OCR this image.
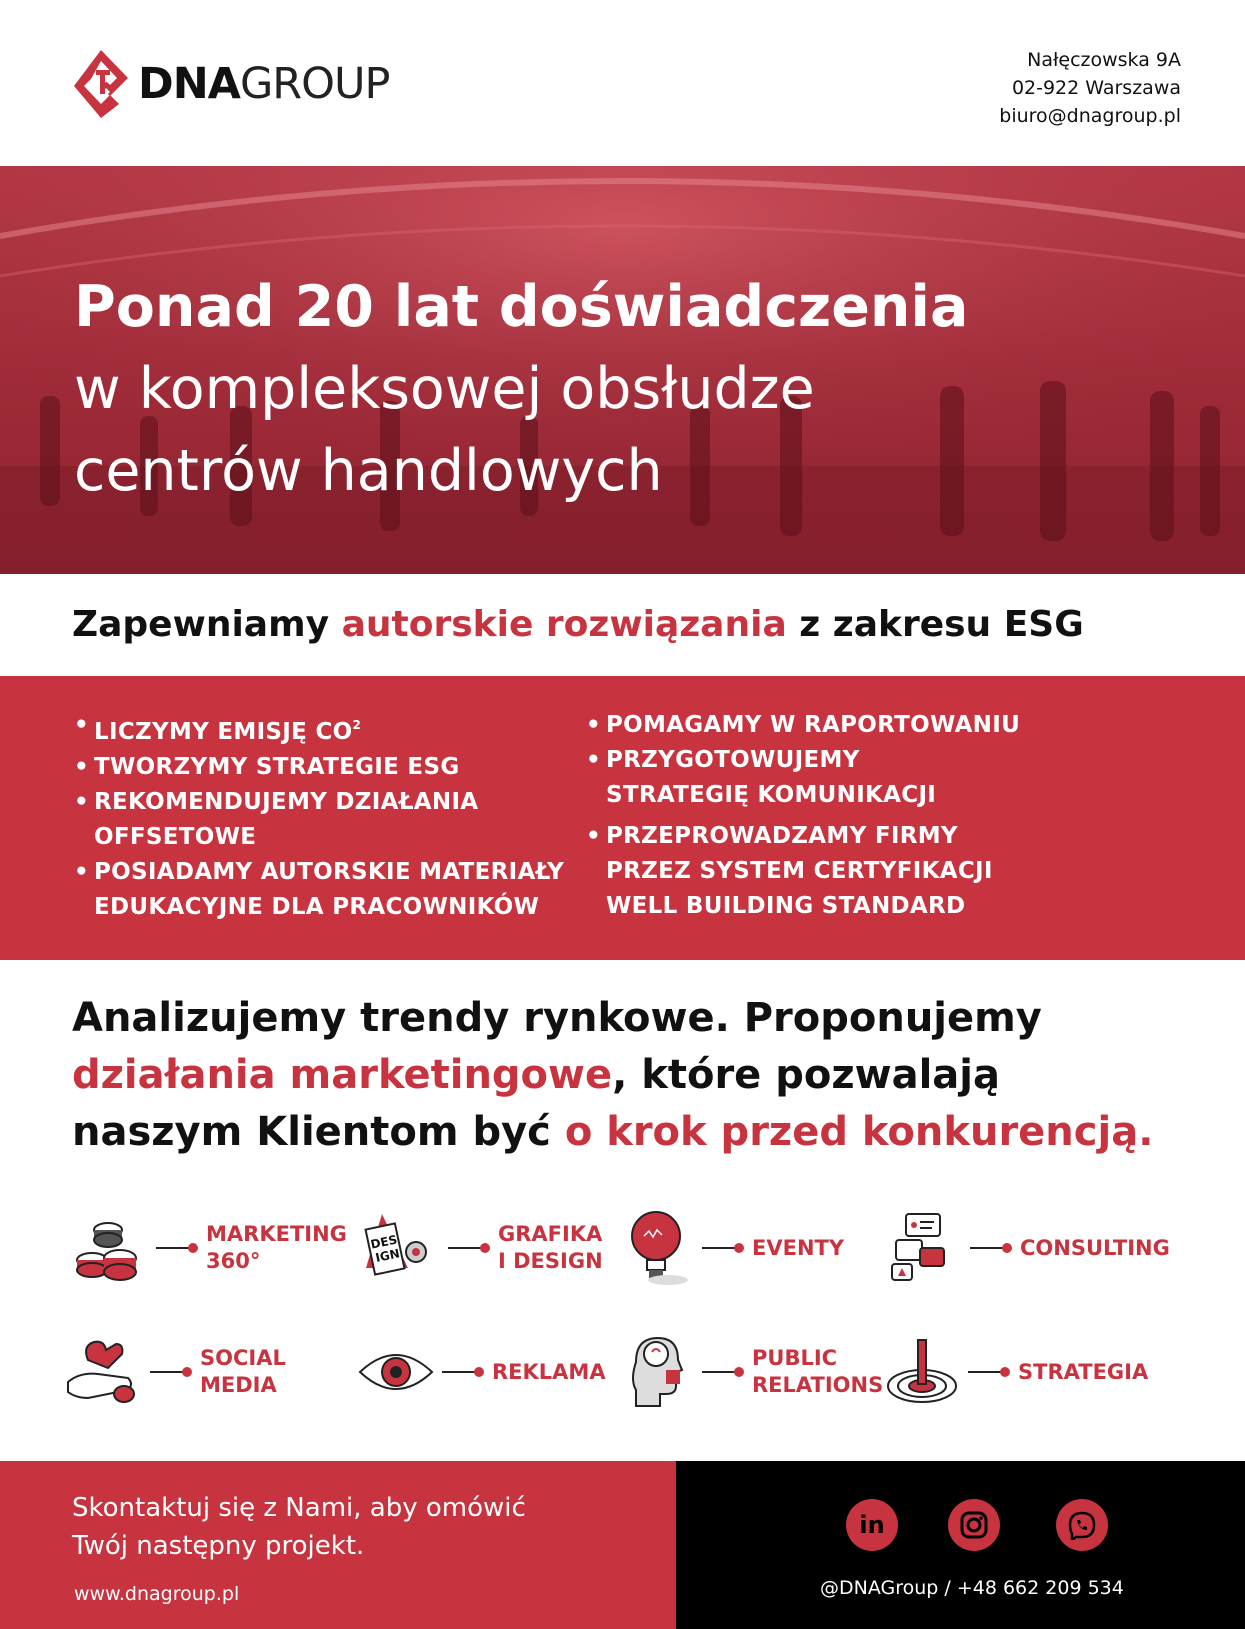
DNAGROUP	Nałęczowska 9A
02-922 Warszawa
biuro@dnagroup.pl
Ponad 20 lat doświadczenia
w kompleksowej obsłudze
centrów handlowych
Zapewniamy autorskie rozwiązania z zakresu ESG
• LICZYMY EMISJĘ $CO^2$
• TWORZYMY STRATEGIE ESG
• REKOMENDUJEMY DZIAŁANIA OFFSETOWE
• POSIADAMY AUTORSKIE MATERIAŁY EDUKACYJNE DLA PRACOWNIKÓW
• POMAGAMY W RAPORTOWANIU
• PRZYGOTOWUJEMY STRATEGIĘ KOMUNIKACJI
• PRZEPROWADZAMY FIRMY PRZEZ SYSTEM CERTYFIKACJI WELL BUILDING STANDARD
Analizujemy trendy rynkowe. Proponujemy
działania marketingowe, które pozwalają
naszym Klientom być o krok przed konkurencją.
MARKETING
360°
DES
IGN
GRAFIKA
I DESIGN
EVENTY	CONSULTING
SOCIAL
MEDIA
REKLAMA
PUBLIC
RELATIONS
STRATEGIA
Skontaktuj się z Nami, aby omówić
Twój następny projekt.
www.dnagroup.pl
in
@DNAGroup / +48 662 209 534
